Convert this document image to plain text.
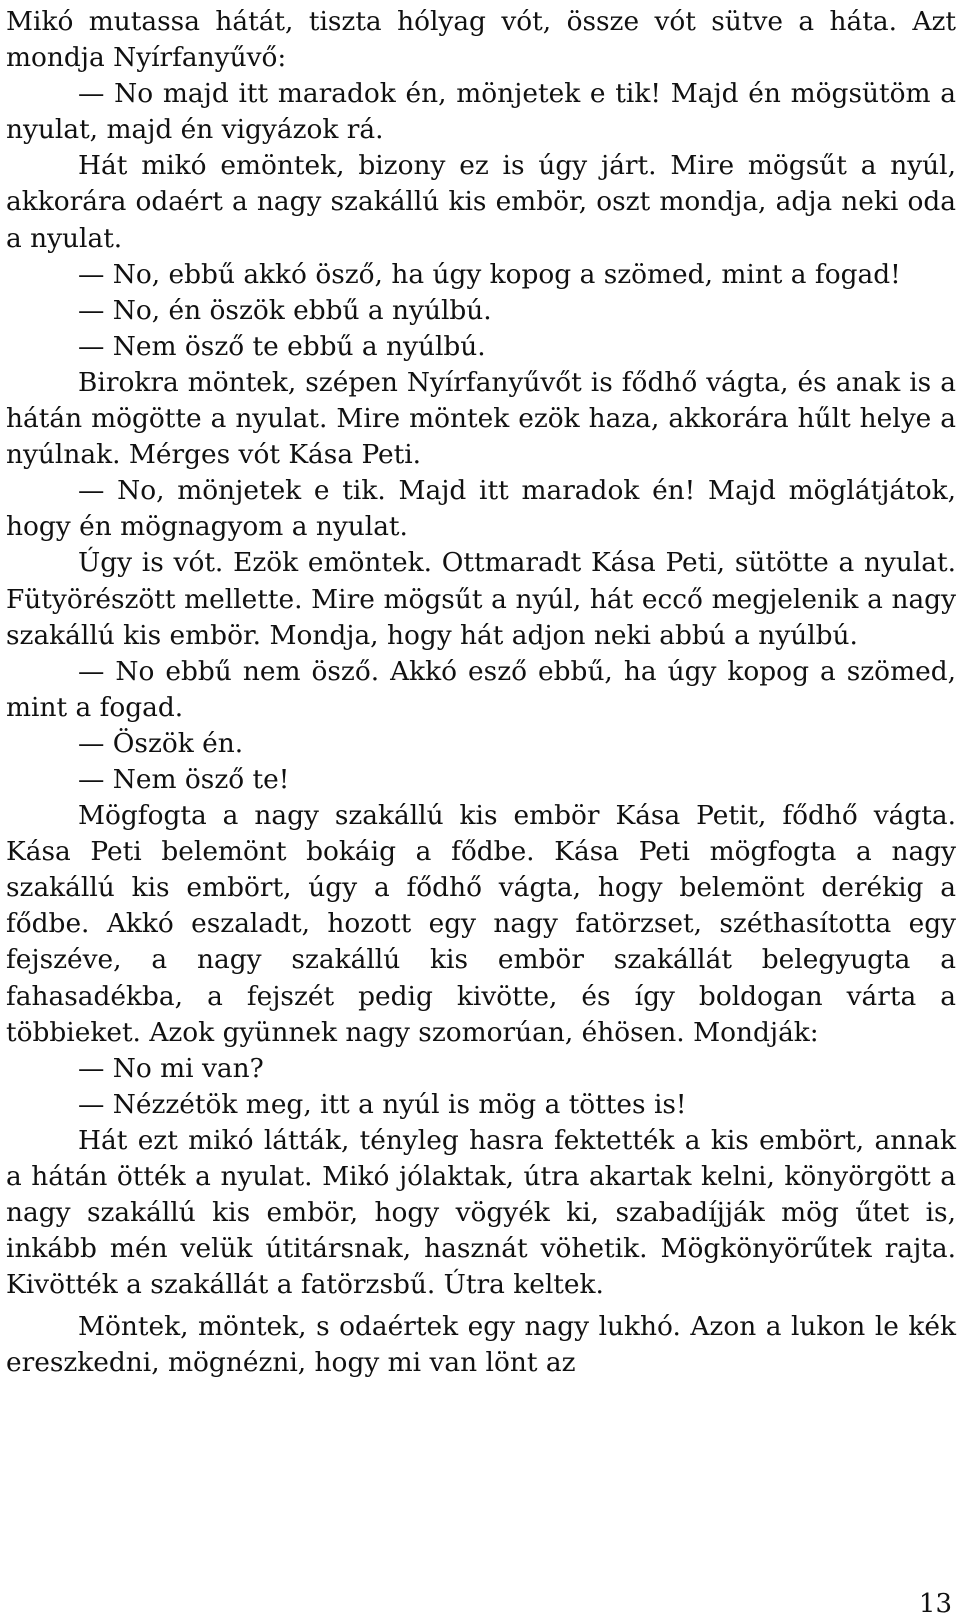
Mikó mutassa hátát, tiszta hólyag vót, össze vót sütve a háta. Azt mondja Nyírfanyűvő:

— No majd itt maradok én, mönjetek e tik! Majd én mögsütöm a nyulat, majd én vigyázok rá.

Hát mikó emöntek, bizony ez is úgy járt. Mire mögsűt a nyúl, akkorára odaért a nagy szakállú kis embör, oszt mondja, adja neki oda a nyulat.

— No, ebbű akkó ösző, ha úgy kopog a szömed, mint a fogad!

— No, én öszök ebbű a nyúlbú.

— Nem ösző te ebbű a nyúlbú.

Birokra möntek, szépen Nyírfanyűvőt is fődhő vágta, és anak is a hátán mögötte a nyulat. Mire möntek ezök haza, akkorára hűlt helye a nyúlnak. Mérges vót Kása Peti.

— No, mönjetek e tik. Majd itt maradok én! Majd möglátjátok, hogy én mögnagyom a nyulat.

Úgy is vót. Ezök emöntek. Ottmaradt Kása Peti, sütötte a nyulat. Fütyörészött mellette. Mire mögsűt a nyúl, hát eccő megjelenik a nagy szakállú kis embör. Mondja, hogy hát adjon neki abbú a nyúlbú.

— No ebbű nem ösző. Akkó esző ebbű, ha úgy kopog a szömed, mint a fogad.

— Öszök én.

— Nem ösző te!

Mögfogta a nagy szakállú kis embör Kása Petit, fődhő vágta. Kása Peti belemönt bokáig a fődbe. Kása Peti mögfogta a nagy szakállú kis embört, úgy a fődhő vágta, hogy belemönt derékig a fődbe. Akkó eszaladt, hozott egy nagy fatörzset, széthasította egy fejszéve, a nagy szakállú kis embör szakállát belegyugta a fahasadékba, a fejszét pedig kivötte, és így boldogan várta a többieket. Azok gyünnek nagy szomorúan, éhösen. Mondják:

— No mi van?

— Nézzétök meg, itt a nyúl is mög a töttes is!

Hát ezt mikó látták, tényleg hasra fektették a kis embört, annak a hátán ötték a nyulat. Mikó jólaktak, útra akartak kelni, könyörgött a nagy szakállú kis embör, hogy vögyék ki, szabadíjják mög űtet is, inkább mén velük útitársnak, hasznát vöhetik. Mögkönyörűtek rajta. Kivötték a szakállát a fatörzsbű. Útra keltek.

Möntek, möntek, s odaértek egy nagy lukhó. Azon a lukon le kék ereszkedni, mögnézni, hogy mi van lönt az

13
